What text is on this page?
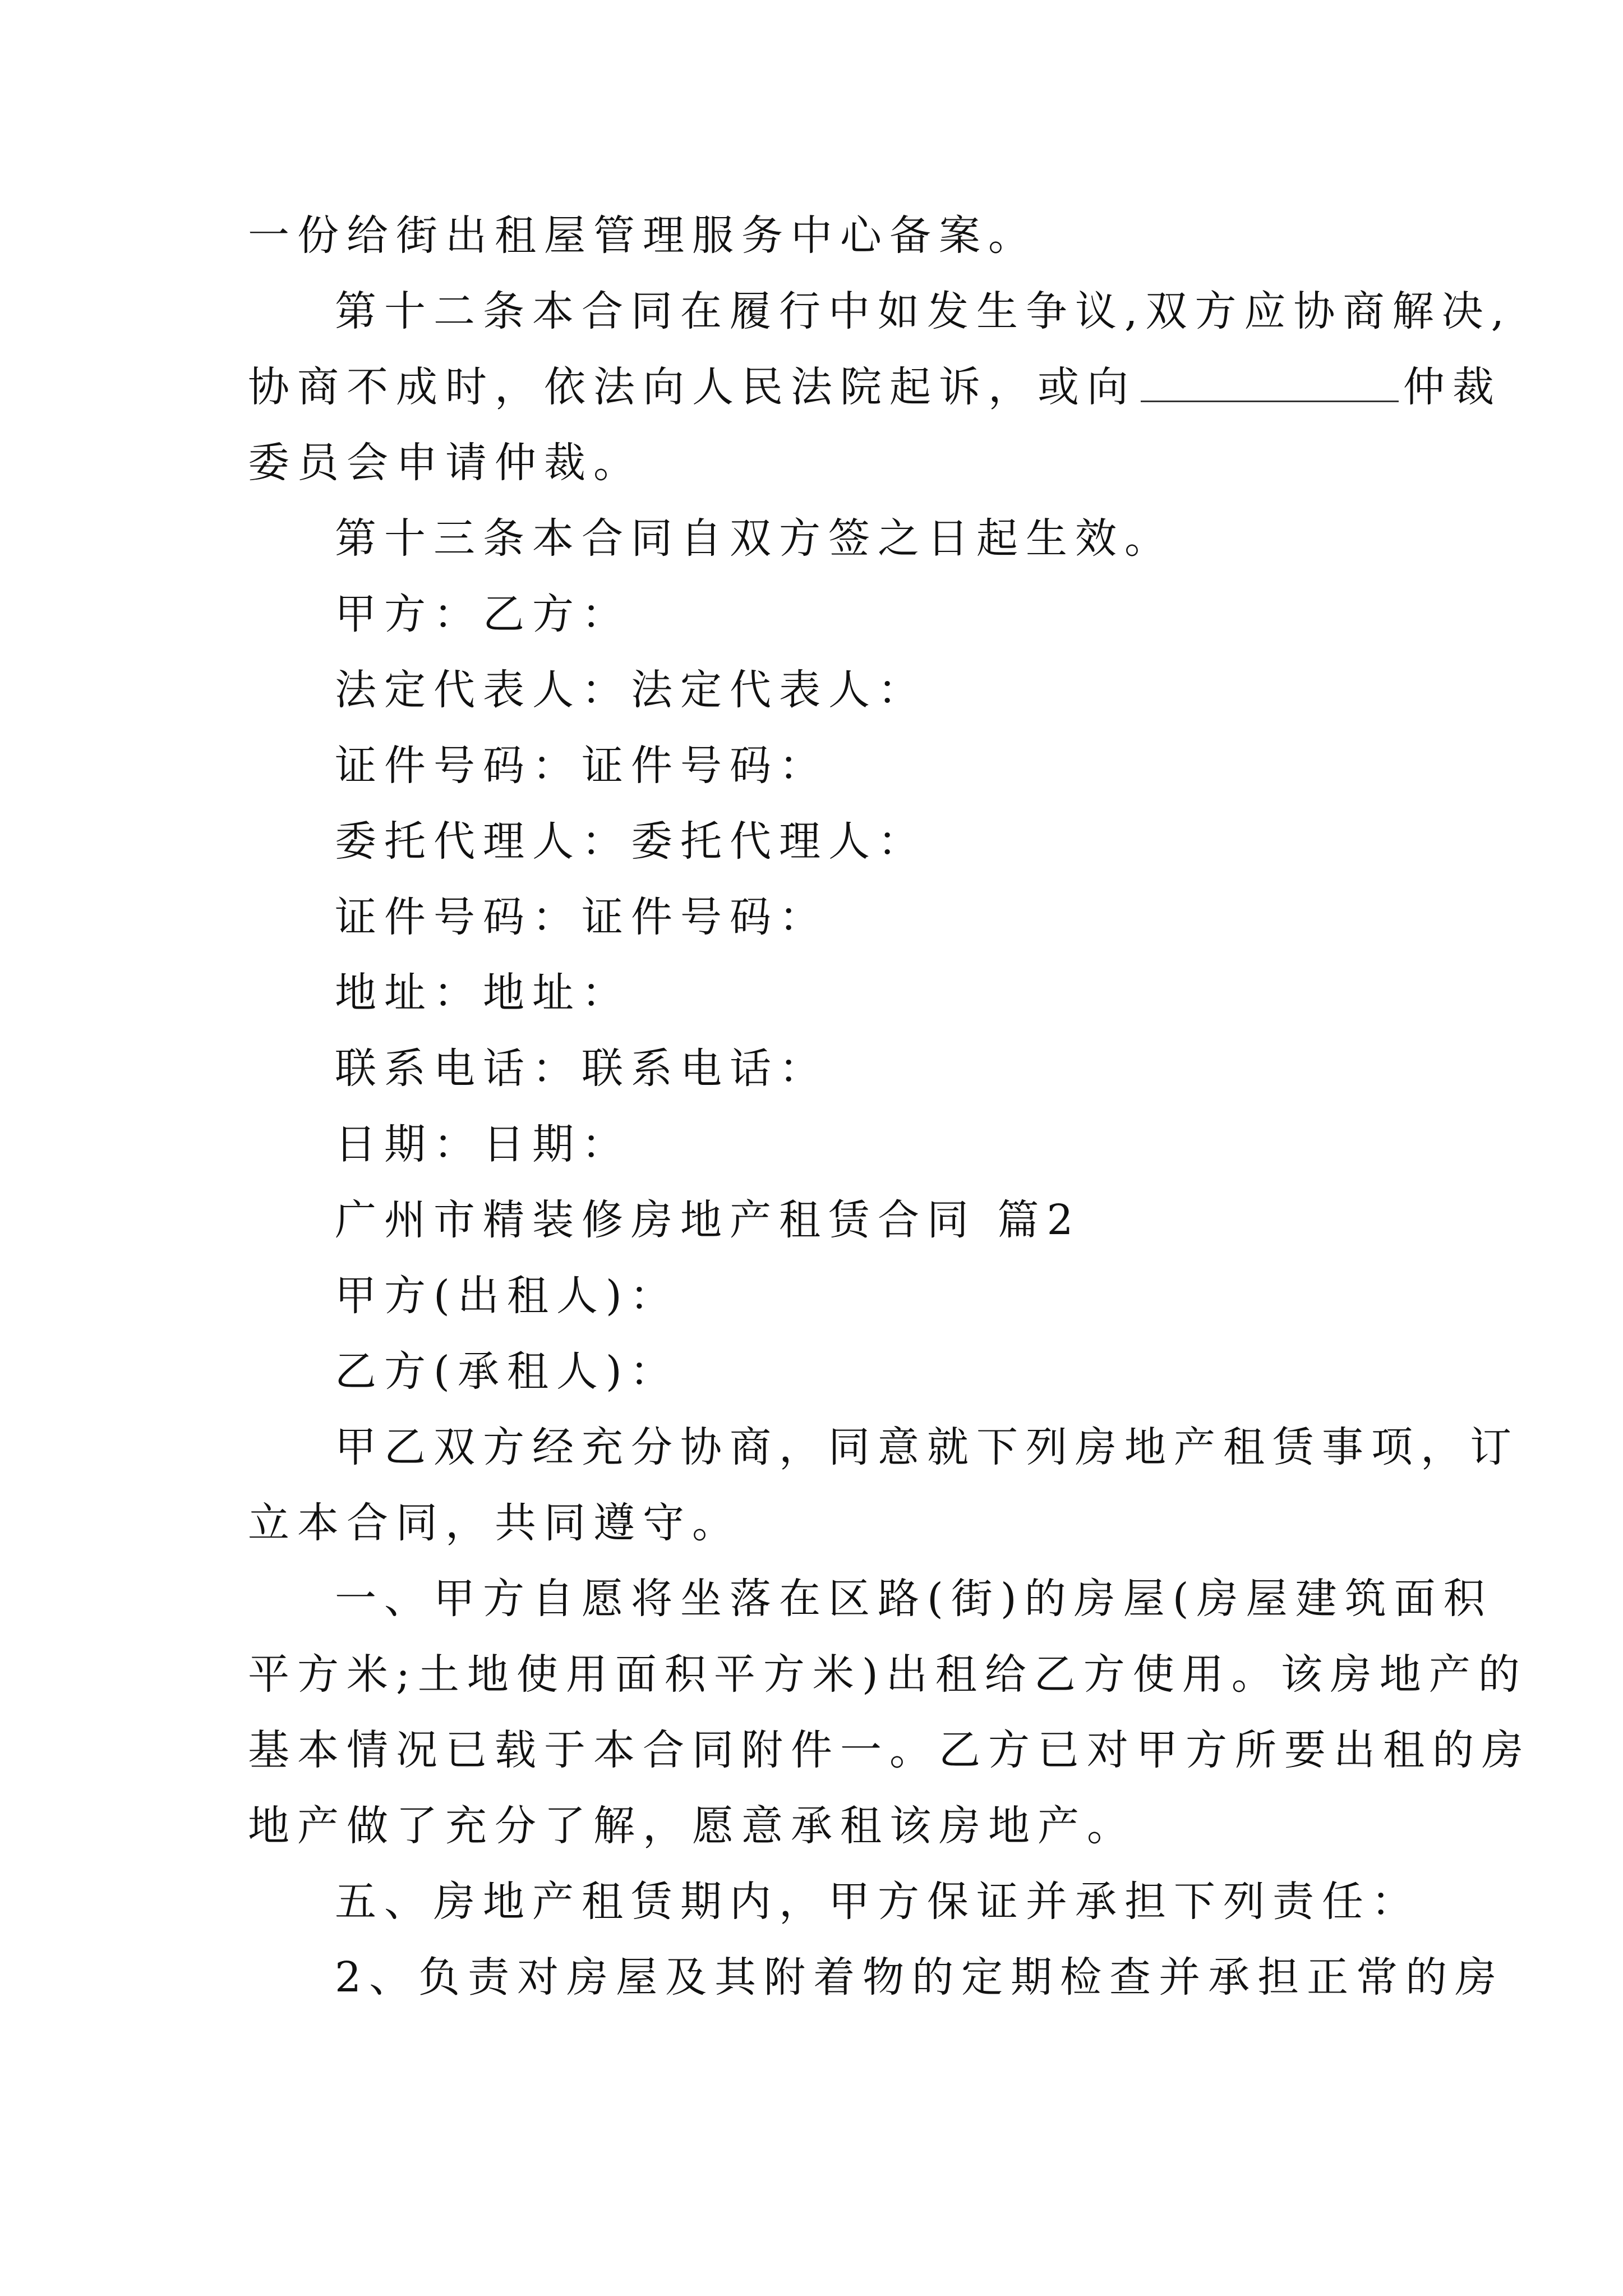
一份给街出租屋管理服务中心备案。
第十二条本合同在履行中如发生争议,双方应协商解决,
协商不成时，依法向人民法院起诉，或向	仲裁
委员会申请仲裁。
第十三条本合同自双方签之日起生效。
甲方：乙方：
法定代表人：法定代表人：
证件号码：证件号码：
委托代理人：委托代理人：
证件号码：证件号码：
地址：地址：
联系电话：联系电话：
日期：日期：
广州市精装修房地产租赁合同 篇2
甲方(出租人)：
乙方(承租人)：
甲乙双方经充分协商，同意就下列房地产租赁事项，订
立本合同，共同遵守。
一、甲方自愿将坐落在区路(街)的房屋(房屋建筑面积
平方米;土地使用面积平方米)出租给乙方使用。该房地产的
基本情况已载于本合同附件一。乙方已对甲方所要出租的房
地产做了充分了解，愿意承租该房地产。
五、房地产租赁期内，甲方保证并承担下列责任：
2、负责对房屋及其附着物的定期检查并承担正常的房
